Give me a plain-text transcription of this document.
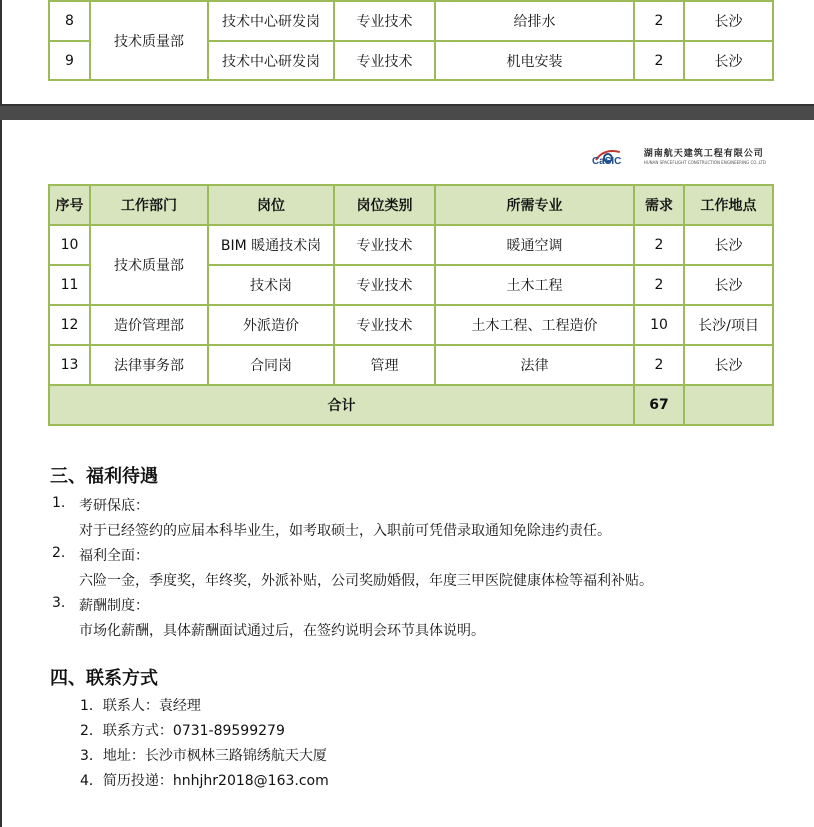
8	技术质量部	技术中心研发岗	专业技术	给排水	2	长沙
9		技术中心研发岗	专业技术	机电安装	2	长沙
CaSIC
湖南航天建筑工程有限公司
HUNAN SPACEFLIGHT CONSTRUCTION ENGINEERING CO.,LTD
序号	工作部门	岗位	岗位类别	所需专业	需求	工作地点
10	技术质量部	BIM 暖通技术岗	专业技术	暖通空调	2	长沙
11		技术岗	专业技术	土木工程	2	长沙
12	造价管理部	外派造价	专业技术	土木工程、工程造价	10	长沙/项目
13	法律事务部	合同岗	管理	法律	2	长沙
合计					67	
三、福利待遇
1. 考研保底：
对于已经签约的应届本科毕业生，如考取硕士，入职前可凭借录取通知免除违约责任。
2. 福利全面：
六险一金，季度奖，年终奖，外派补贴，公司奖励婚假，年度三甲医院健康体检等福利补贴。
3. 薪酬制度：
市场化薪酬，具体薪酬面试通过后，在签约说明会环节具体说明。
四、联系方式
1．联系人：袁经理
2．联系方式：0731-89599279
3．地址：长沙市枫林三路锦绣航天大厦
4．简历投递：hnhjhr2018@163.com
